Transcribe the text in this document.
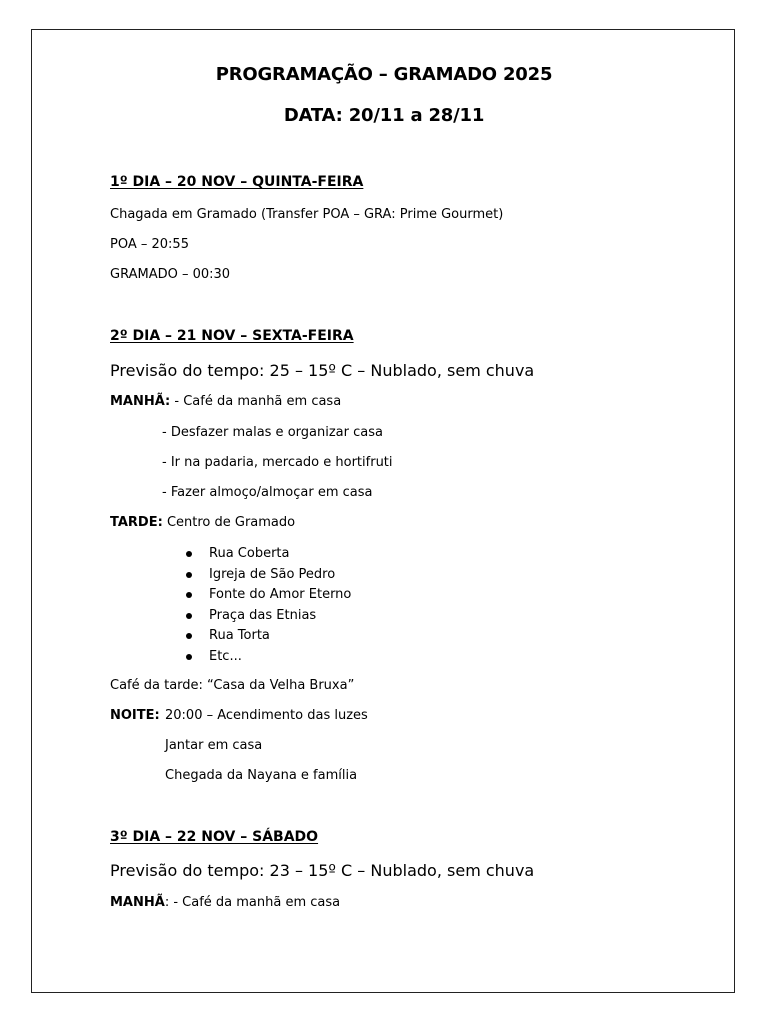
PROGRAMAÇÃO – GRAMADO 2025
DATA: 20/11 a 28/11
1º DIA – 20 NOV – QUINTA-FEIRA
Chagada em Gramado (Transfer POA – GRA: Prime Gourmet)
POA – 20:55
GRAMADO – 00:30
2º DIA – 21 NOV – SEXTA-FEIRA
Previsão do tempo: 25 – 15º C – Nublado, sem chuva
MANHÃ: - Café da manhã em casa
- Desfazer malas e organizar casa
- Ir na padaria, mercado e hortifruti
- Fazer almoço/almoçar em casa
TARDE: Centro de Gramado
Rua Coberta
Igreja de São Pedro
Fonte do Amor Eterno
Praça das Etnias
Rua Torta
Etc...
Café da tarde: “Casa da Velha Bruxa”
NOITE: 20:00 – Acendimento das luzes
Jantar em casa
Chegada da Nayana e família
3º DIA – 22 NOV – SÁBADO
Previsão do tempo: 23 – 15º C – Nublado, sem chuva
MANHÃ: - Café da manhã em casa
